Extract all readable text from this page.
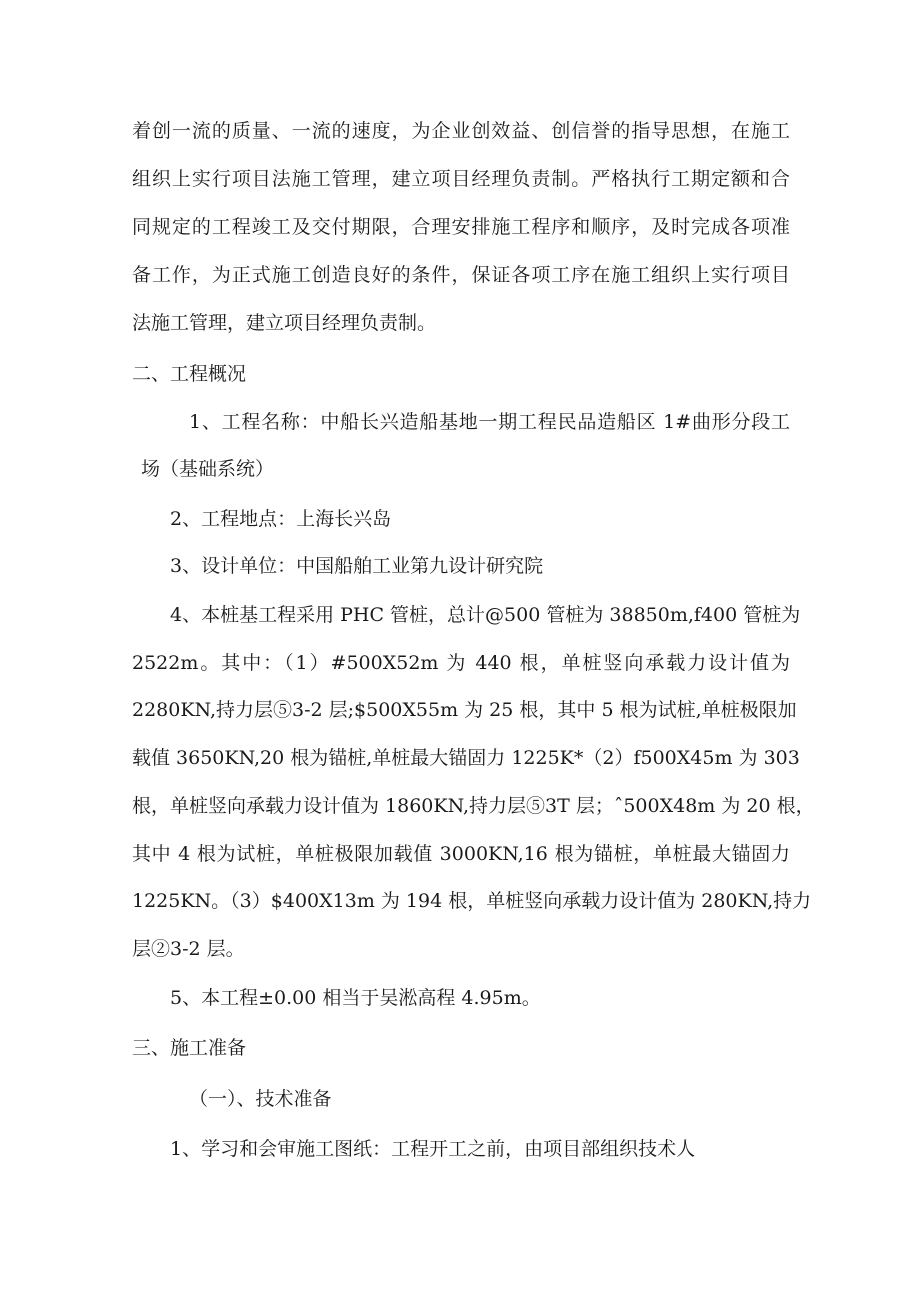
着创一流的质量、一流的速度，为企业创效益、创信誉的指导思想，在施工
组织上实行项目法施工管理，建立项目经理负责制。严格执行工期定额和合
同规定的工程竣工及交付期限，合理安排施工程序和顺序，及时完成各项准
备工作，为正式施工创造良好的条件，保证各项工序在施工组织上实行项目
法施工管理，建立项目经理负责制。
二、工程概况
1、工程名称：中船长兴造船基地一期工程民品造船区 1#曲形分段工
场（基础系统）
2、工程地点：上海长兴岛
3、设计单位：中国船舶工业第九设计研究院
4、本桩基工程采用 PHC 管桩，总计@500 管桩为 38850m,f400 管桩为
2522m。其中：（1）#500X52m 为 440 根，单桩竖向承载力设计值为
2280KN,持力层⑤3-2 层;$500X55m 为 25 根，其中 5 根为试桩,单桩极限加
载值 3650KN,20 根为锚桩,单桩最大锚固力 1225K*（2）f500X45m 为 303
根，单桩竖向承载力设计值为 1860KN,持力层⑤3T 层；ˆ500X48m 为 20 根，
其中 4 根为试桩，单桩极限加载值 3000KN,16 根为锚桩，单桩最大锚固力
1225KN。（3）$400X13m 为 194 根，单桩竖向承载力设计值为 280KN,持力
层②3-2 层。
5、本工程±0.00 相当于吴淞高程 4.95m。
三、施工准备
（一）、技术准备
1、学习和会审施工图纸：工程开工之前，由项目部组织技术人
